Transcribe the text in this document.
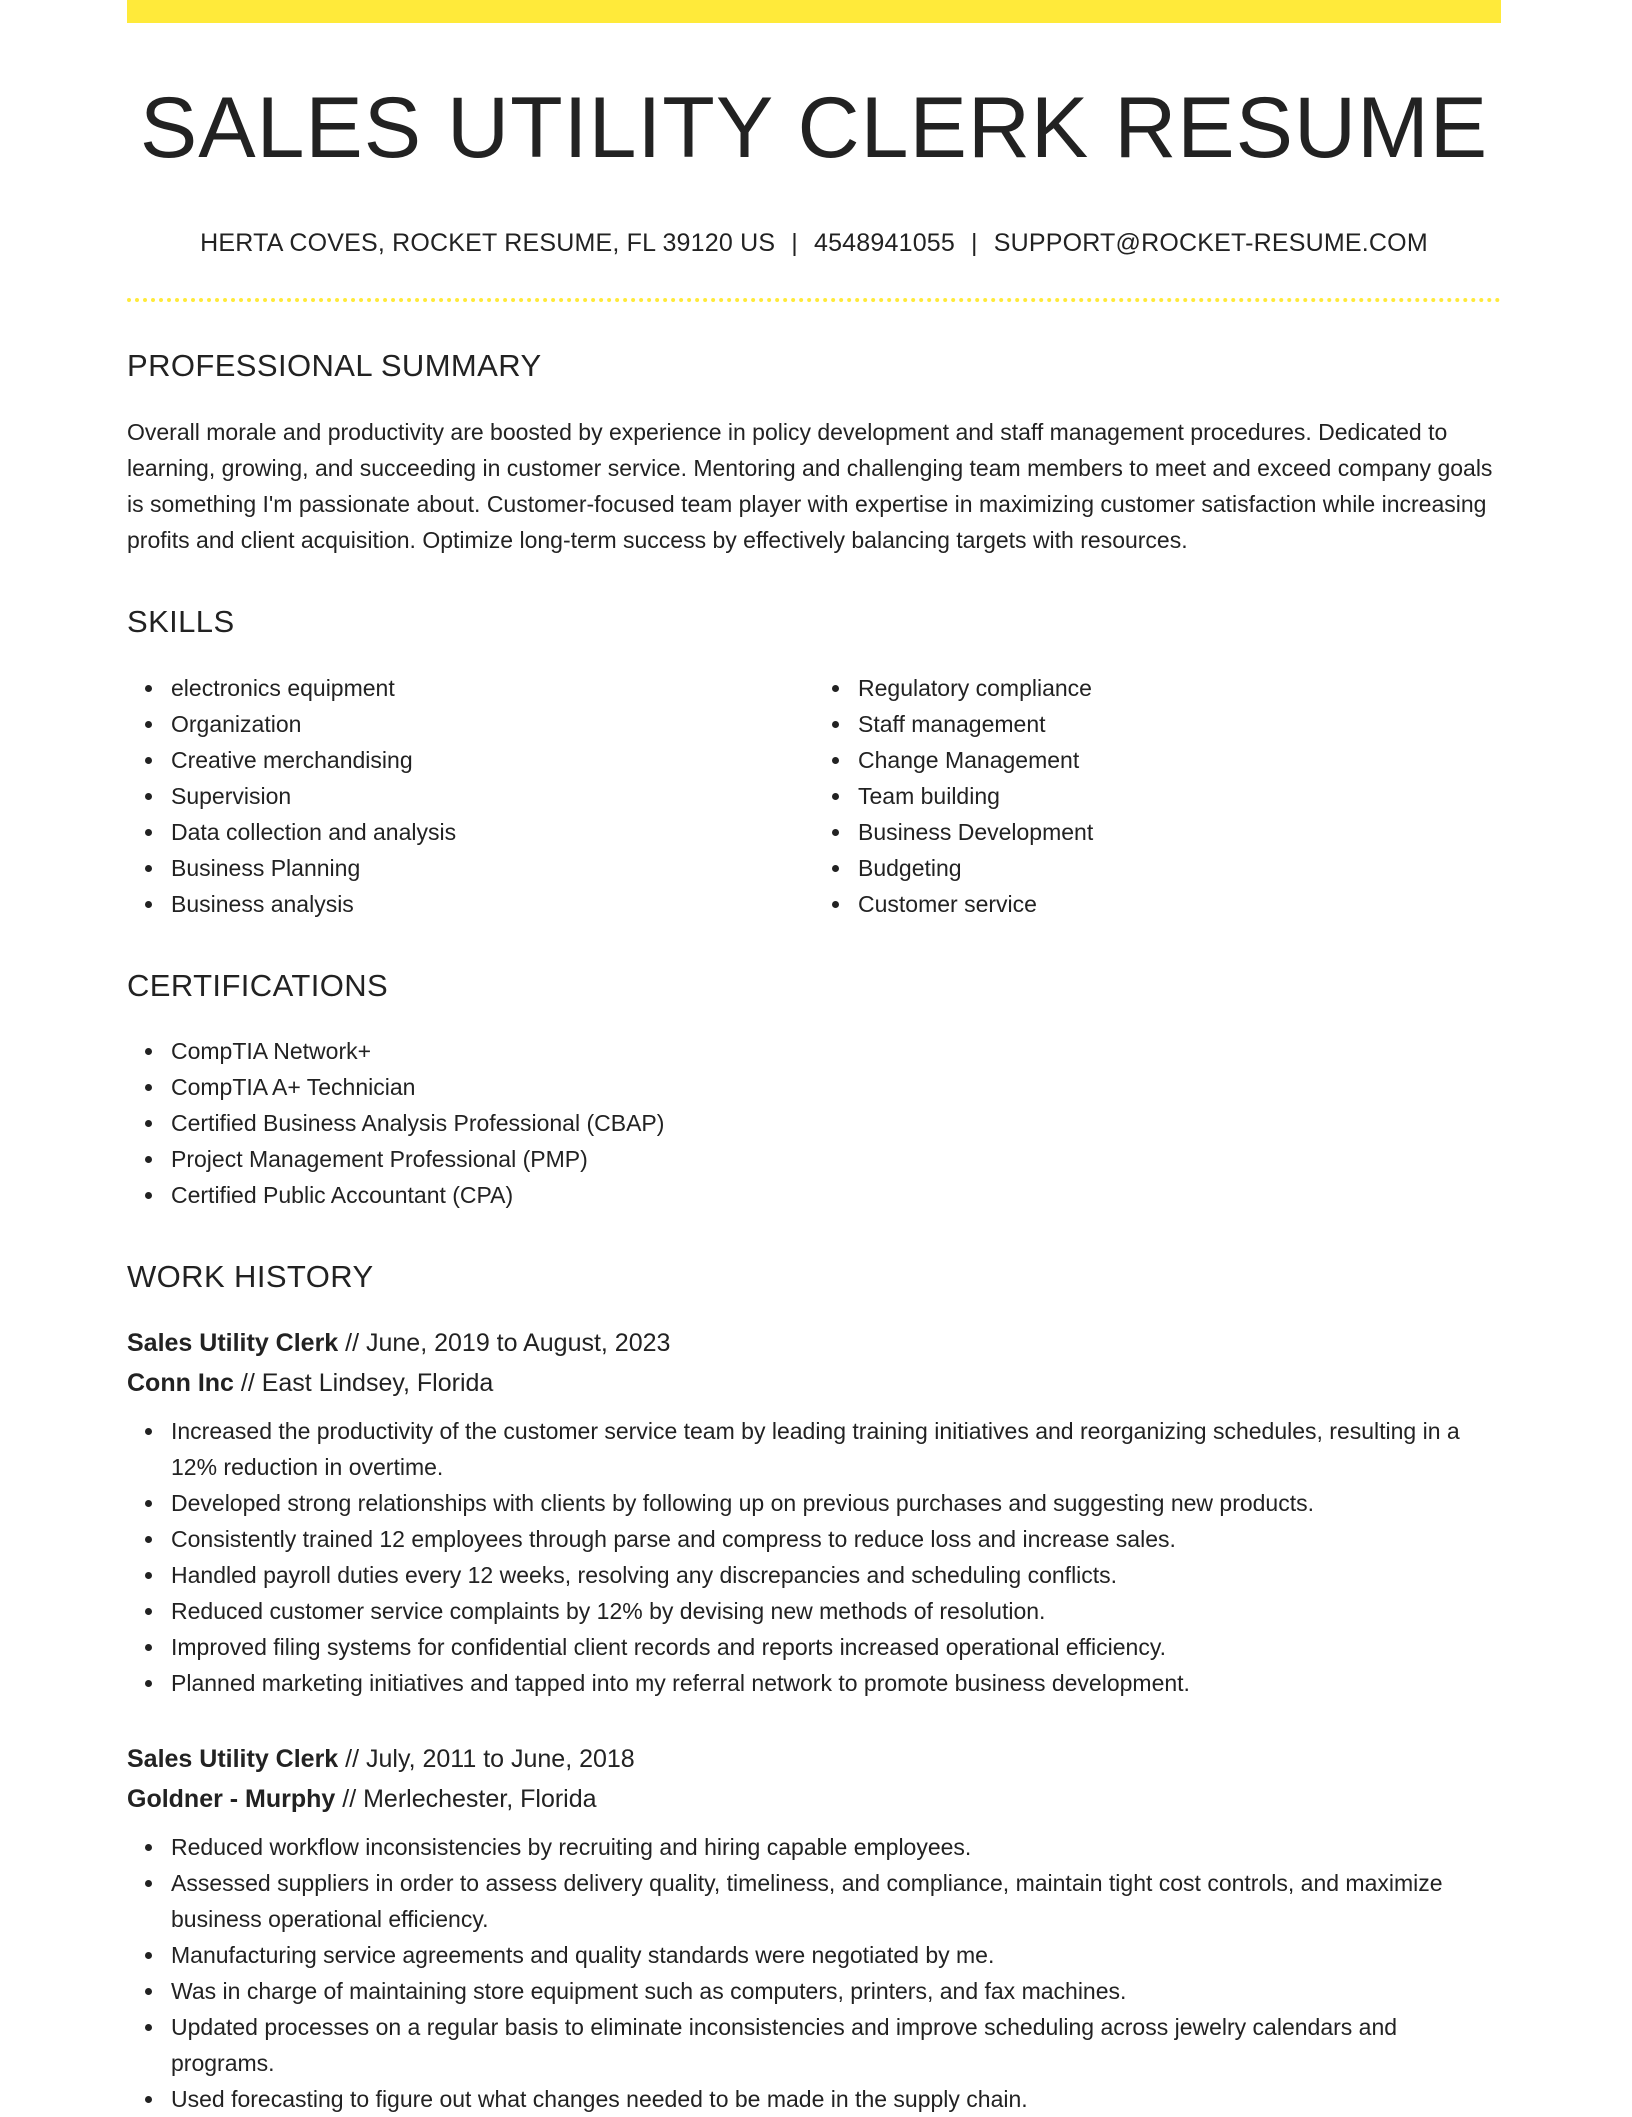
SALES UTILITY CLERK RESUME
HERTA COVES, ROCKET RESUME, FL 39120 US | 4548941055 | SUPPORT@ROCKET-RESUME.COM
PROFESSIONAL SUMMARY
Overall morale and productivity are boosted by experience in policy development and staff management procedures. Dedicated to learning, growing, and succeeding in customer service. Mentoring and challenging team members to meet and exceed company goals is something I'm passionate about. Customer-focused team player with expertise in maximizing customer satisfaction while increasing profits and client acquisition. Optimize long-term success by effectively balancing targets with resources.
SKILLS
electronics equipment
Organization
Creative merchandising
Supervision
Data collection and analysis
Business Planning
Business analysis
Regulatory compliance
Staff management
Change Management
Team building
Business Development
Budgeting
Customer service
CERTIFICATIONS
CompTIA Network+
CompTIA A+ Technician
Certified Business Analysis Professional (CBAP)
Project Management Professional (PMP)
Certified Public Accountant (CPA)
WORK HISTORY
Sales Utility Clerk // June, 2019 to August, 2023
Conn Inc // East Lindsey, Florida
Increased the productivity of the customer service team by leading training initiatives and reorganizing schedules, resulting in a 12% reduction in overtime.
Developed strong relationships with clients by following up on previous purchases and suggesting new products.
Consistently trained 12 employees through parse and compress to reduce loss and increase sales.
Handled payroll duties every 12 weeks, resolving any discrepancies and scheduling conflicts.
Reduced customer service complaints by 12% by devising new methods of resolution.
Improved filing systems for confidential client records and reports increased operational efficiency.
Planned marketing initiatives and tapped into my referral network to promote business development.
Sales Utility Clerk // July, 2011 to June, 2018
Goldner - Murphy // Merlechester, Florida
Reduced workflow inconsistencies by recruiting and hiring capable employees.
Assessed suppliers in order to assess delivery quality, timeliness, and compliance, maintain tight cost controls, and maximize business operational efficiency.
Manufacturing service agreements and quality standards were negotiated by me.
Was in charge of maintaining store equipment such as computers, printers, and fax machines.
Updated processes on a regular basis to eliminate inconsistencies and improve scheduling across jewelry calendars and programs.
Used forecasting to figure out what changes needed to be made in the supply chain.
